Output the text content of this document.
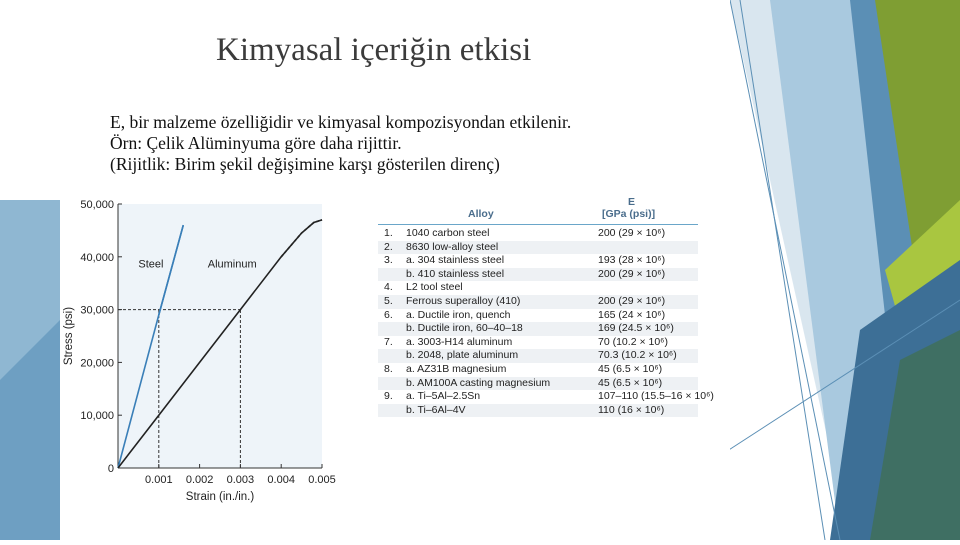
Kimyasal içeriğin etkisi
E, bir malzeme özelliğidir ve kimyasal kompozisyondan etkilenir.
Örn: Çelik Alüminyuma göre daha rijittir.
(Rijitlik: Birim şekil değişimine karşı gösterilen direnç)
0
10,000
20,000
30,000
40,000
50,000
0.001 0.002 0.003 0.004 0.005
Steel	Aluminum
Strain (in./in.)
Stress (psi)
Alloy
E
[GPa (psi)]
1. 1040 carbon steel	200 (29 × 10⁶)
2. 8630 low-alloy steel
3. a. 304 stainless steel	193 (28 × 10⁶)
b. 410 stainless steel	200 (29 × 10⁶)
4. L2 tool steel
5. Ferrous superalloy (410)	200 (29 × 10⁶)
6. a. Ductile iron, quench	165 (24 × 10⁶)
b. Ductile iron, 60–40–18	169 (24.5 × 10⁶)
7. a. 3003-H14 aluminum	70 (10.2 × 10⁶)
b. 2048, plate aluminum	70.3 (10.2 × 10⁶)
8. a. AZ31B magnesium	45 (6.5 × 10⁶)
b. AM100A casting magnesium	45 (6.5 × 10⁶)
9. a. Ti–5Al–2.5Sn	107–110 (15.5–16 × 10⁶)
b. Ti–6Al–4V	110 (16 × 10⁶)
